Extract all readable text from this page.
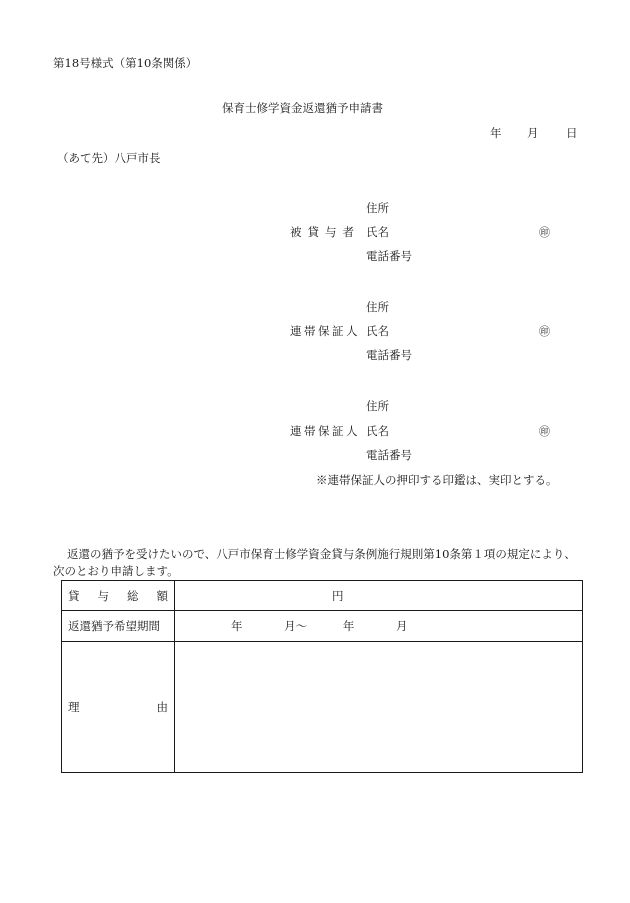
第18号様式（第10条関係）
保育士修学資金返還猶予申請書
年 月 日
（あて先）八戸市長
住所
被貸与者 氏名	㊞
電話番号
住所
連帯保証人 氏名	㊞
電話番号
住所
連帯保証人 氏名	㊞
電話番号
※連帯保証人の押印する印鑑は、実印とする。
返還の猶予を受けたいので、八戸市保育士修学資金貸与条例施行規則第10条第１項の規定により、次のとおり申請します。
貸 与 総 額	円
返還猶予希望期間	年 月～ 年 月

理 由	
